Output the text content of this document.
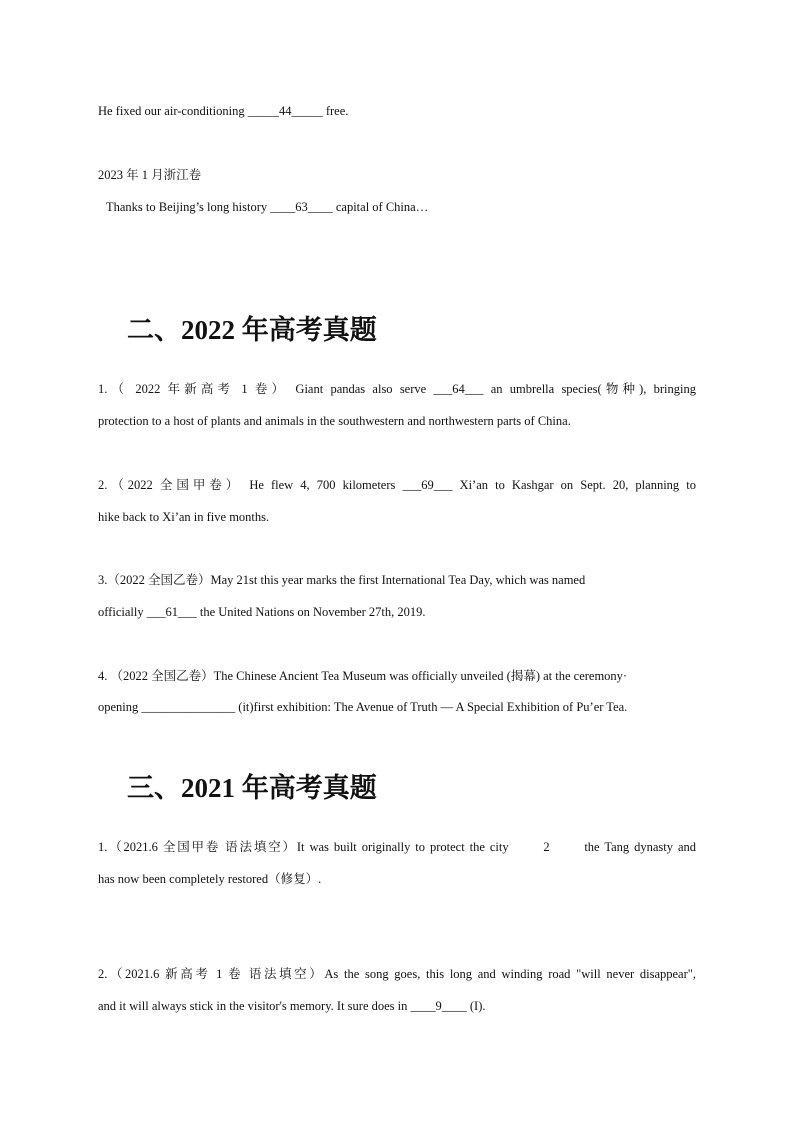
He fixed our air-conditioning _____44_____ free.
2023 年 1 月浙江卷
Thanks to Beijing’s long history ____63____ capital of China…
二、2022 年高考真题
1.（ 2022 年新高考 1 卷） Giant pandas also serve ___64___ an umbrella species(物种), bringing
protection to a host of plants and animals in the southwestern and northwestern parts of China.
2.（2022 全国甲卷） He flew 4, 700 kilometers ___69___ Xi’an to Kashgar on Sept. 20, planning to
hike back to Xi’an in five months.
3.（2022 全国乙卷）May 21st this year marks the first International Tea Day, which was named
officially ___61___ the United Nations on November 27th, 2019.
4. （2022 全国乙卷）The Chinese Ancient Tea Museum was officially unveiled (揭幕) at the ceremony·
opening _______________ (it)first exhibition: The Avenue of Truth — A Special Exhibition of Pu’er Tea.
三、2021 年高考真题
1.（2021.6 全国甲卷 语法填空）It was built originally to protect the city       2       the Tang dynasty and
has now been completely restored（修复）.
2.（2021.6 新高考 1 卷 语法填空）As the song goes, this long and winding road "will never disappear",
and it will always stick in the visitor's memory. It sure does in ____9____ (I).
